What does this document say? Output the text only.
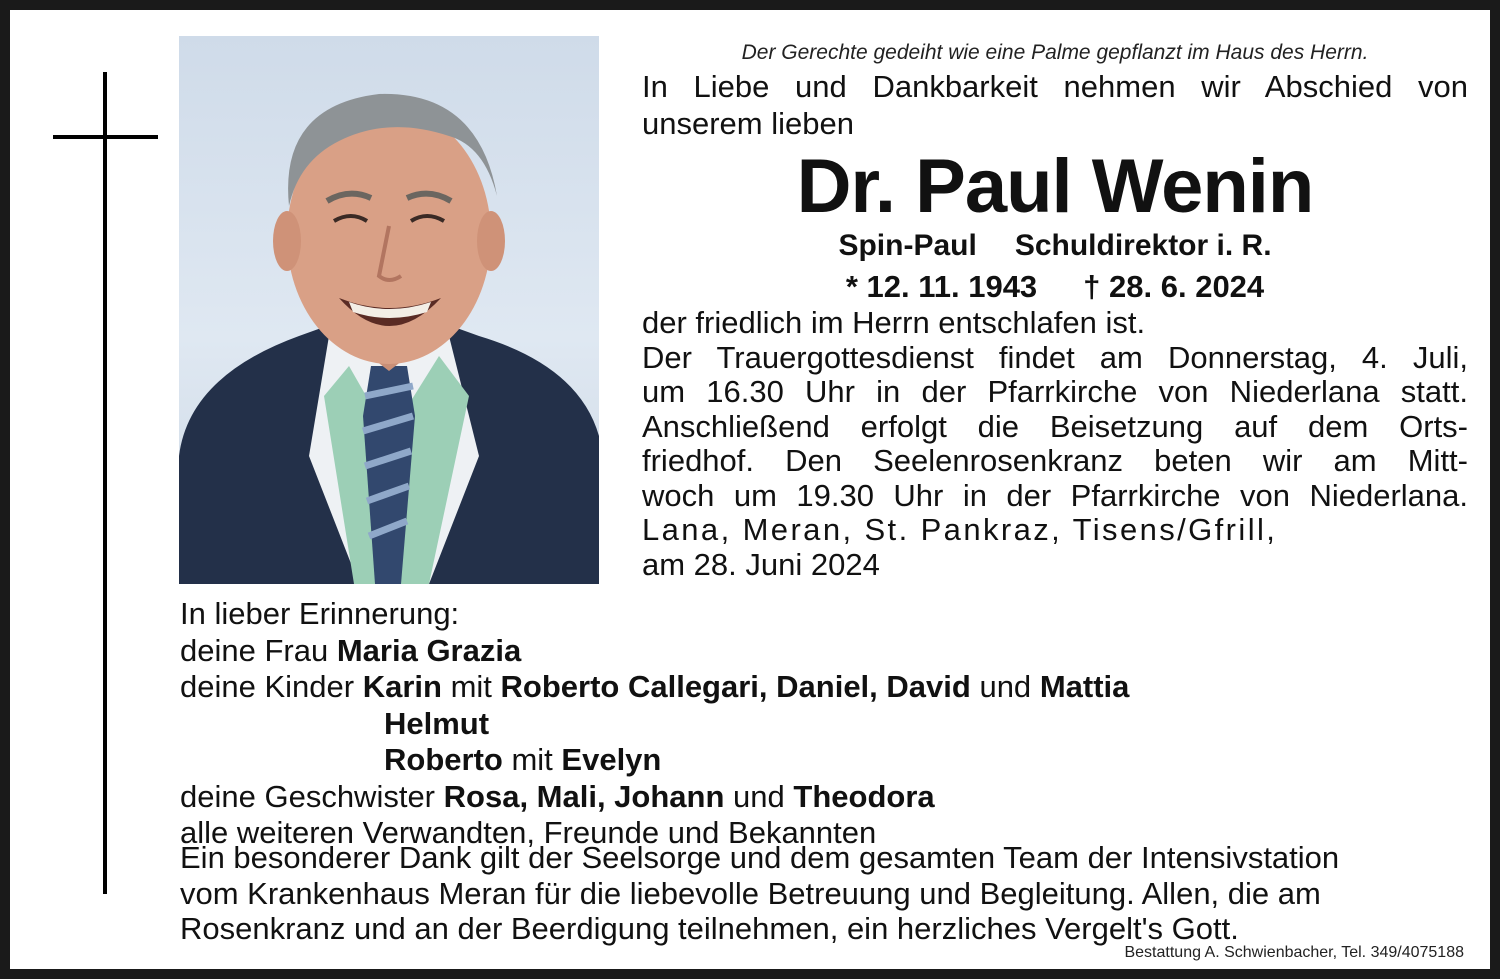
Der Gerechte gedeiht wie eine Palme gepflanzt im Haus des Herrn.
In Liebe und Dankbarkeit nehmen wir Abschied von
unserem lieben
Dr. Paul Wenin
Spin-Paul Schuldirektor i. R.
* 12. 11. 1943 † 28. 6. 2024

der friedlich im Herrn entschlafen ist.

Der Trauergottesdienst findet am Donnerstag, 4. Juli,

um 16.30 Uhr in der Pfarrkirche von Niederlana statt.

Anschließend erfolgt die Beisetzung auf dem Orts-

friedhof. Den Seelenrosenkranz beten wir am Mitt-

woch um 19.30 Uhr in der Pfarrkirche von Niederlana.

Lana, Meran, St. Pankraz, Tisens/Gfrill,

am 28. Juni 2024

In lieber Erinnerung:

deine Frau Maria Grazia

deine Kinder Karin mit Roberto Callegari, Daniel, David und Mattia

Helmut

Roberto mit Evelyn

deine Geschwister Rosa, Mali, Johann und Theodora

alle weiteren Verwandten, Freunde und Bekannten

Ein besonderer Dank gilt der Seelsorge und dem gesamten Team der Intensivstation

vom Krankenhaus Meran für die liebevolle Betreuung und Begleitung. Allen, die am

Rosenkranz und an der Beerdigung teilnehmen, ein herzliches Vergelt's Gott.

Bestattung A. Schwienbacher, Tel. 349/4075188
